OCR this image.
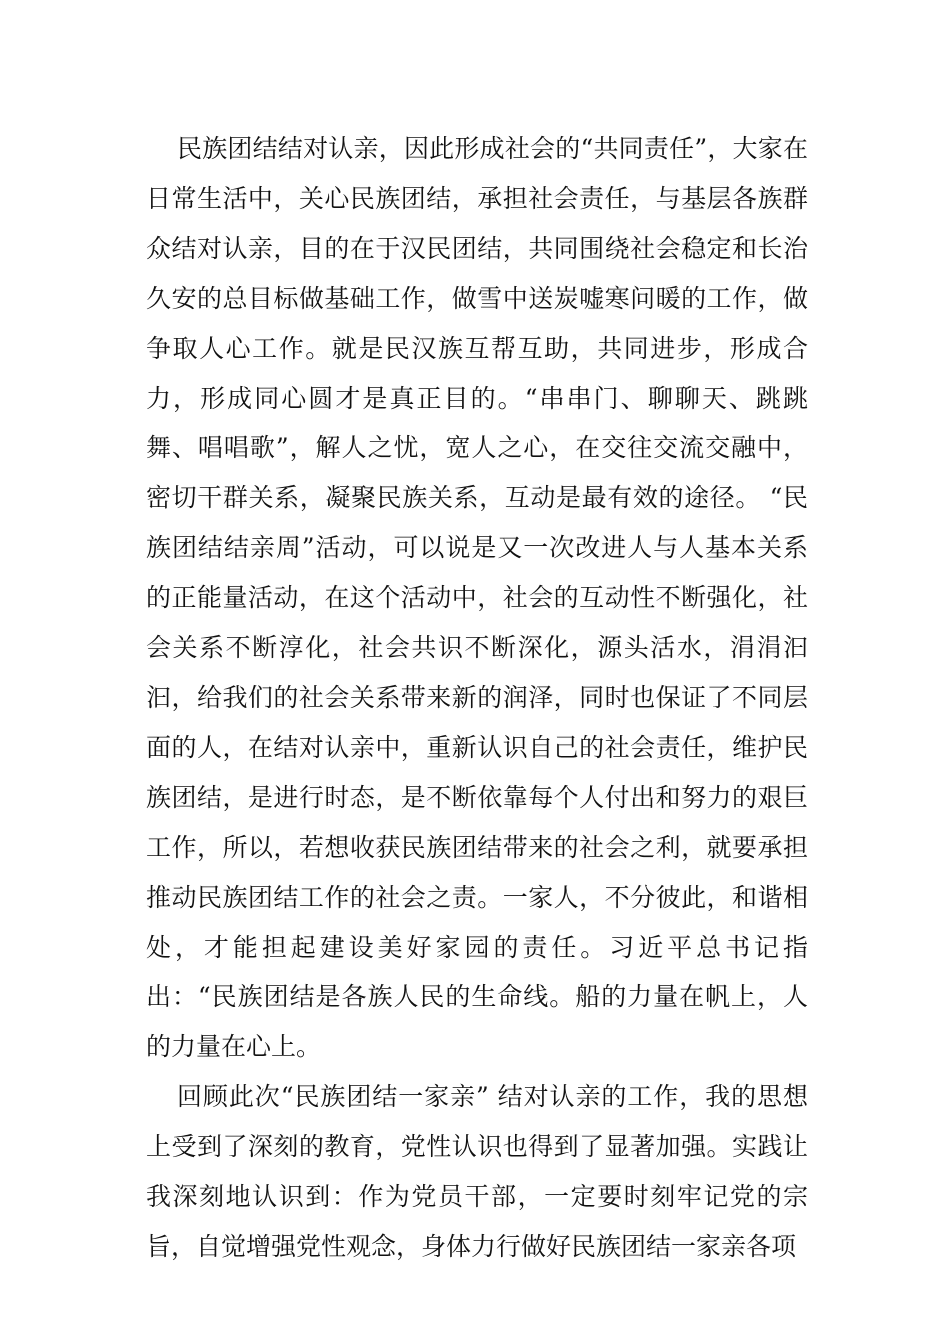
民族团结结对认亲，因此形成社会的“共同责任”，大家在日常生活中，关心民族团结，承担社会责任，与基层各族群众结对认亲，目的在于汉民团结，共同围绕社会稳定和长治久安的总目标做基础工作，做雪中送炭嘘寒问暖的工作，做争取人心工作。就是民汉族互帮互助，共同进步，形成合力，形成同心圆才是真正目的。“串串门、聊聊天、跳跳舞、唱唱歌”，解人之忧，宽人之心，在交往交流交融中，密切干群关系，凝聚民族关系，互动是最有效的途径。 “民族团结结亲周”活动，可以说是又一次改进人与人基本关系的正能量活动，在这个活动中，社会的互动性不断强化，社会关系不断淳化，社会共识不断深化，源头活水，涓涓汩汩，给我们的社会关系带来新的润泽，同时也保证了不同层面的人，在结对认亲中，重新认识自己的社会责任，维护民族团结，是进行时态，是不断依靠每个人付出和努力的艰巨工作，所以，若想收获民族团结带来的社会之利，就要承担推动民族团结工作的社会之责。一家人，不分彼此，和谐相处，才能担起建设美好家园的责任。习近平总书记指出：“民族团结是各族人民的生命线。船的力量在帆上，人的力量在心上。

回顾此次“民族团结一家亲” 结对认亲的工作，我的思想上受到了深刻的教育，党性认识也得到了显著加强。实践让我深刻地认识到：作为党员干部，一定要时刻牢记党的宗旨，自觉增强党性观念，身体力行做好民族团结一家亲各项
